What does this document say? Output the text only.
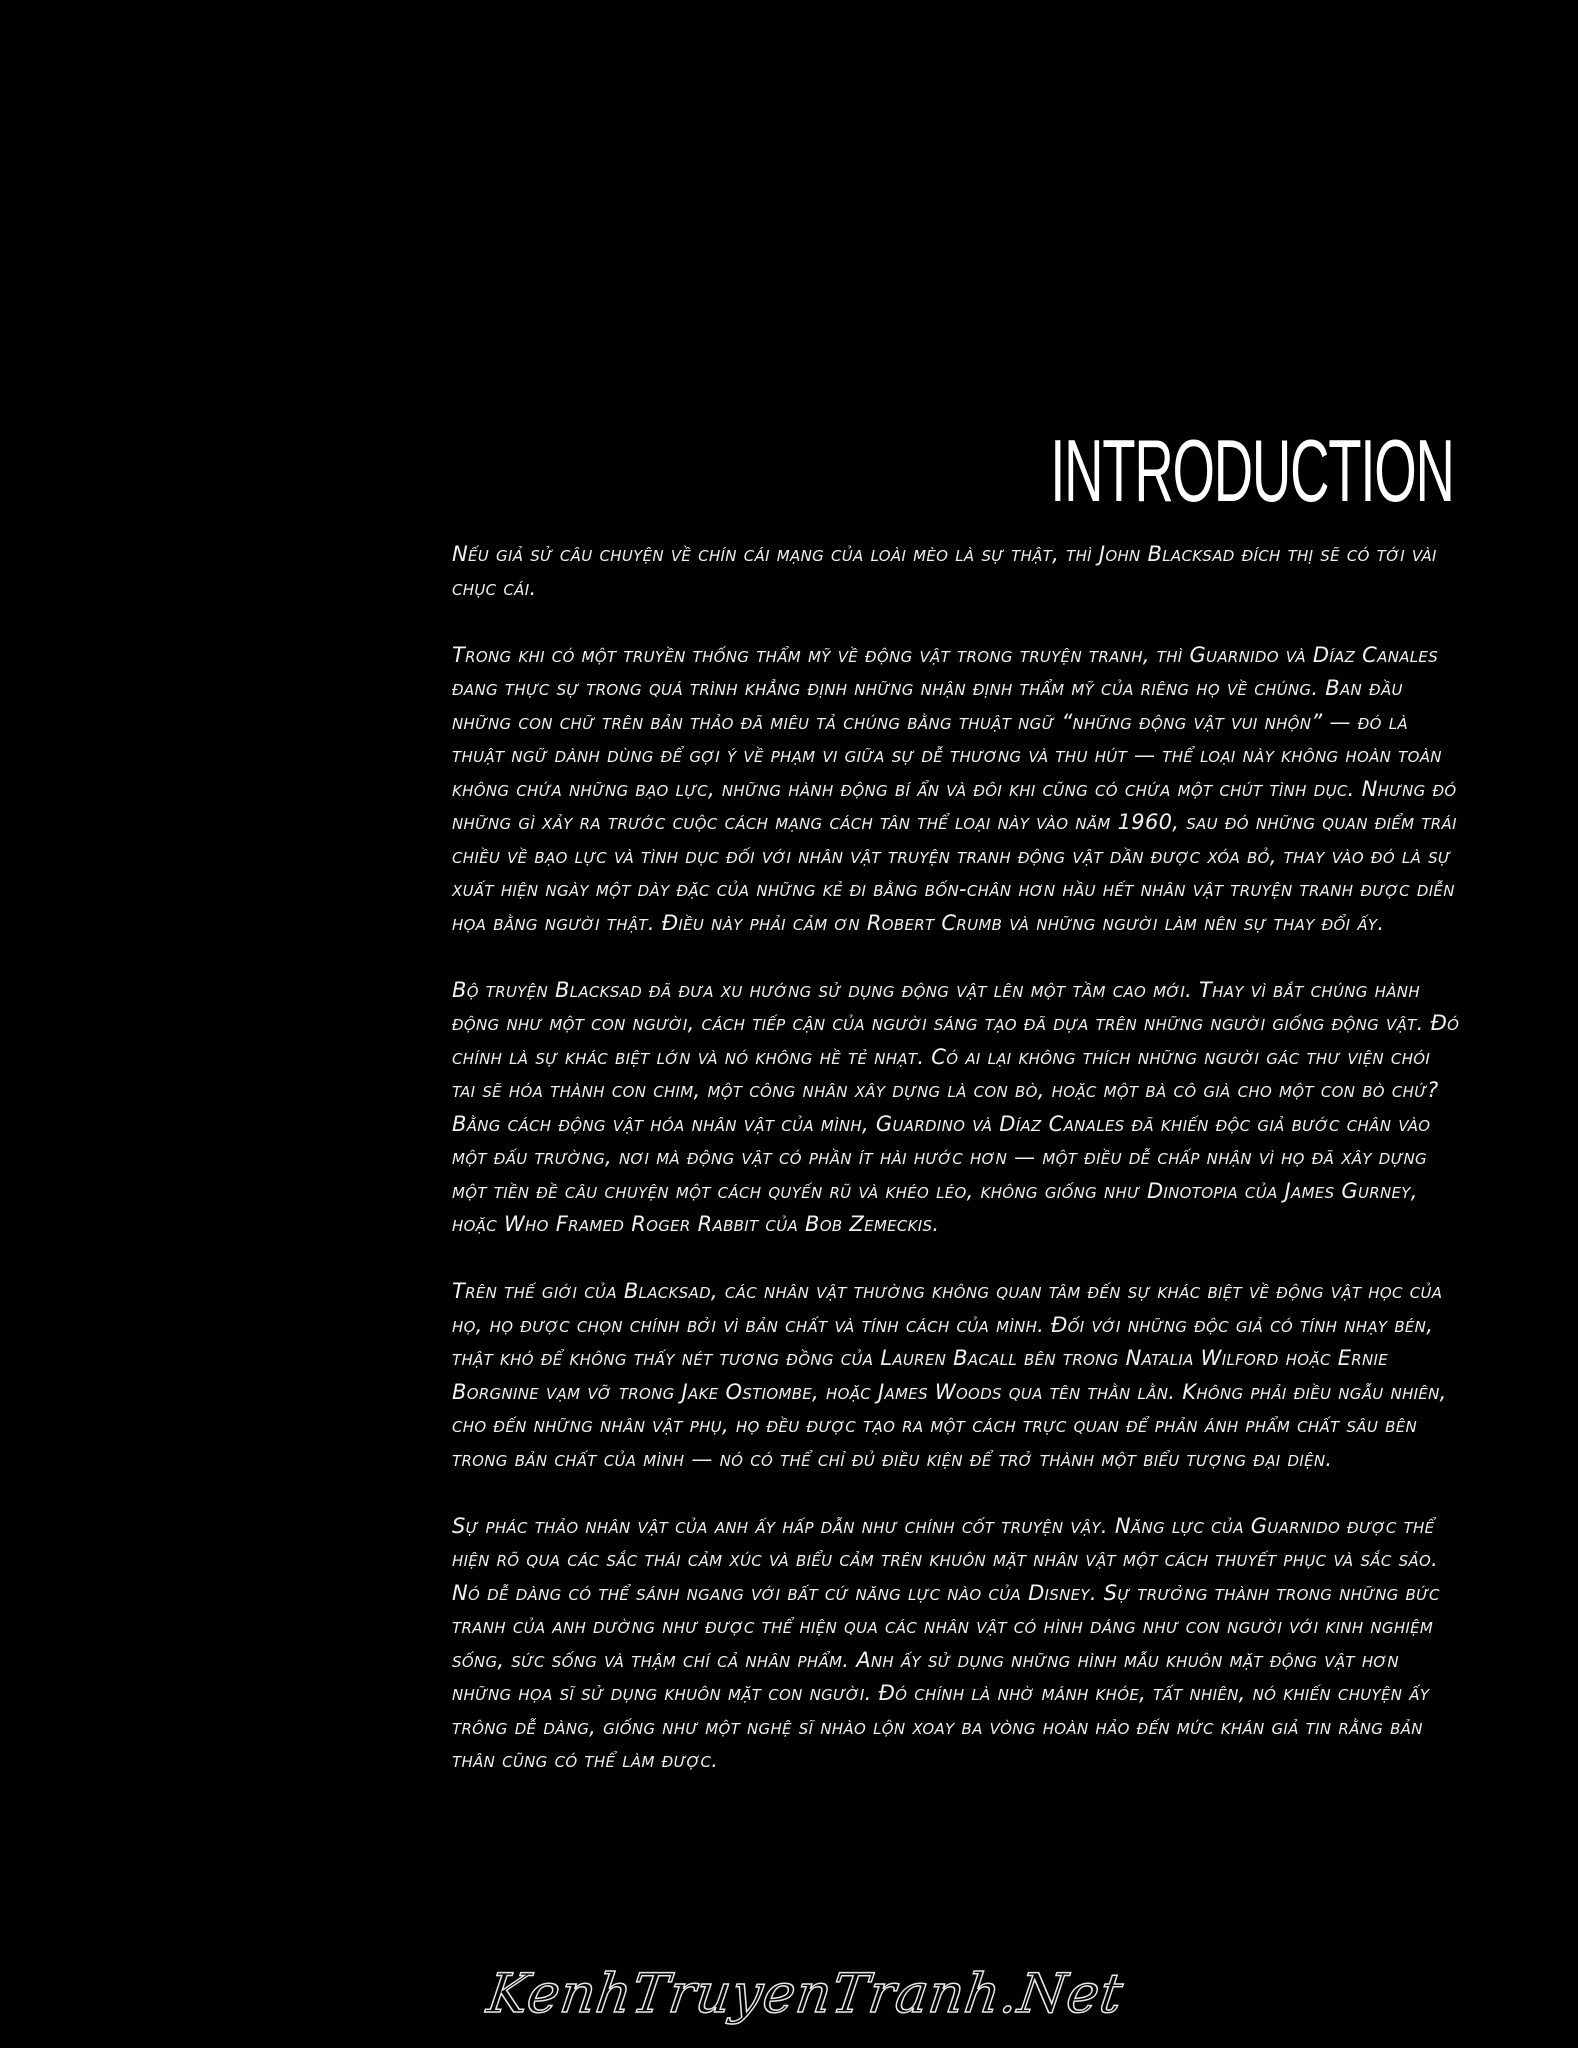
INTRODUCTION

Nếu giả sử câu chuyện về chín cái mạng của loài mèo là sự thật, thì John Blacksad đích thị sẽ có tới vài chục cái.

Trong khi có một truyền thống thẩm mỹ về động vật trong truyện tranh, thì Guarnido và Díaz Canales đang thực sự trong quá trình khẳng định những nhận định thẩm mỹ của riêng họ về chúng. Ban đầu những con chữ trên bản thảo đã miêu tả chúng bằng thuật ngữ “những động vật vui nhộn” — đó là thuật ngữ dành dùng để gợi ý về phạm vi giữa sự dễ thương và thu hút — thể loại này không hoàn toàn không chứa những bạo lực, những hành động bí ẩn và đôi khi cũng có chứa một chút tình dục. Nhưng đó những gì xảy ra trước cuộc cách mạng cách tân thể loại này vào năm 1960, sau đó những quan điểm trái chiều về bạo lực và tình dục đối với nhân vật truyện tranh động vật dần được xóa bỏ, thay vào đó là sự xuất hiện ngày một dày đặc của những kẻ đi bằng bốn-chân hơn hầu hết nhân vật truyện tranh được diễn họa bằng người thật. Điều này phải cảm ơn Robert Crumb và những người làm nên sự thay đổi ấy.

Bộ truyện Blacksad đã đưa xu hướng sử dụng động vật lên một tầm cao mới. Thay vì bắt chúng hành động như một con người, cách tiếp cận của người sáng tạo đã dựa trên những người giống động vật. Đó chính là sự khác biệt lớn và nó không hề tẻ nhạt. Có ai lại không thích những người gác thư viện chói tai sẽ hóa thành con chim, một công nhân xây dựng là con bò, hoặc một bà cô già cho một con bò chứ? Bằng cách động vật hóa nhân vật của mình, Guardino và Díaz Canales đã khiến độc giả bước chân vào một đấu trường, nơi mà động vật có phần ít hài hước hơn — một điều dễ chấp nhận vì họ đã xây dựng một tiền đề câu chuyện một cách quyến rũ và khéo léo, không giống như Dinotopia của James Gurney, hoặc Who Framed Roger Rabbit của Bob Zemeckis.

Trên thế giới của Blacksad, các nhân vật thường không quan tâm đến sự khác biệt về động vật học của họ, họ được chọn chính bởi vì bản chất và tính cách của mình. Đối với những độc giả có tính nhạy bén, thật khó để không thấy nét tương đồng của Lauren Bacall bên trong Natalia Wilford hoặc Ernie Borgnine vạm vỡ trong Jake Ostiombe, hoặc James Woods qua tên thằn lằn. Không phải điều ngẫu nhiên, cho đến những nhân vật phụ, họ đều được tạo ra một cách trực quan để phản ánh phẩm chất sâu bên trong bản chất của mình — nó có thể chỉ đủ điều kiện để trở thành một biểu tượng đại diện.

Sự phác thảo nhân vật của anh ấy hấp dẫn như chính cốt truyện vậy. Năng lực của Guarnido được thể hiện rõ qua các sắc thái cảm xúc và biểu cảm trên khuôn mặt nhân vật một cách thuyết phục và sắc sảo. Nó dễ dàng có thể sánh ngang với bất cứ năng lực nào của Disney. Sự trưởng thành trong những bức tranh của anh dường như được thể hiện qua các nhân vật có hình dáng như con người với kinh nghiệm sống, sức sống và thậm chí cả nhân phẩm. Anh ấy sử dụng những hình mẫu khuôn mặt động vật hơn những họa sĩ sử dụng khuôn mặt con người. Đó chính là nhờ mánh khóe, tất nhiên, nó khiến chuyện ấy trông dễ dàng, giống như một nghệ sĩ nhào lộn xoay ba vòng hoàn hảo đến mức khán giả tin rằng bản thân cũng có thể làm được.

KenhTruyenTranh.Net
